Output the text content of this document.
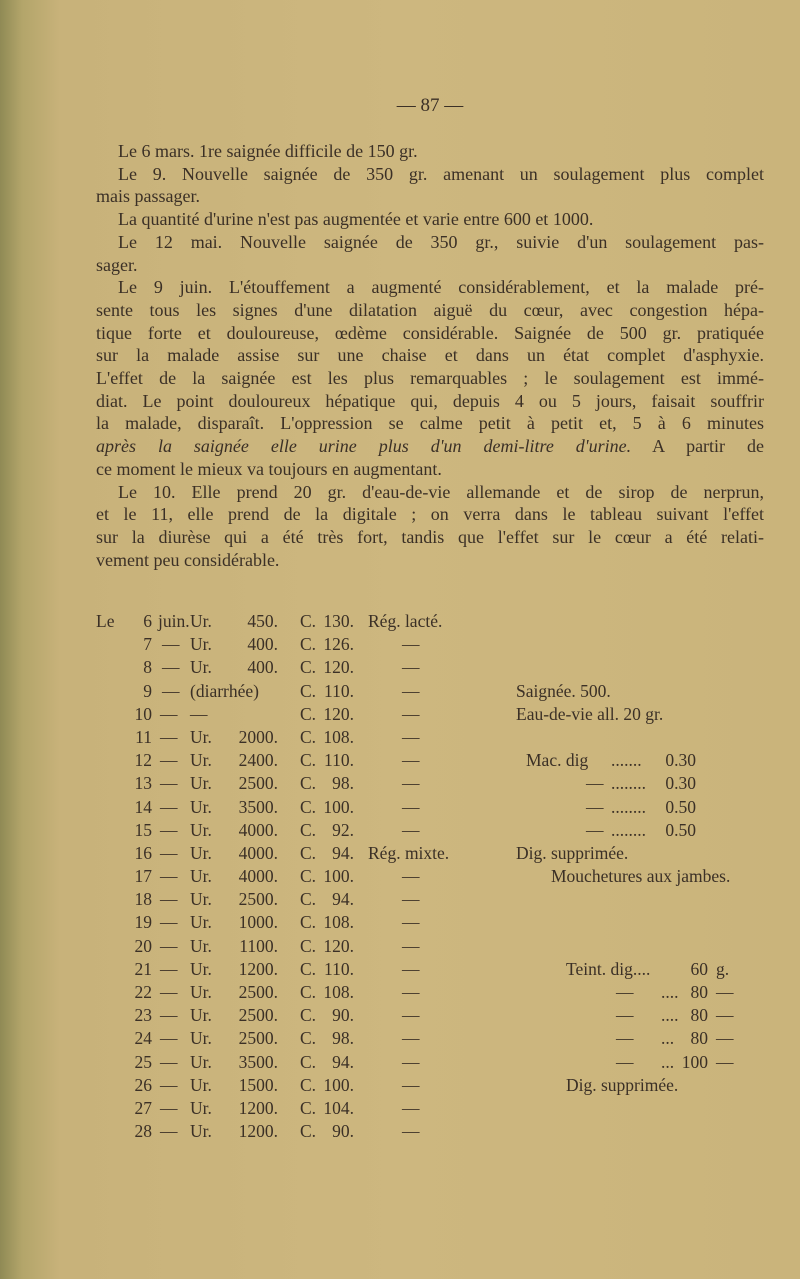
— 87 —
Le 6 mars. 1re saignée difficile de 150 gr.
Le 9. Nouvelle saignée de 350 gr. amenant un soulagement plus complet
mais passager.
La quantité d'urine n'est pas augmentée et varie entre 600 et 1000.
Le 12 mai. Nouvelle saignée de 350 gr., suivie d'un soulagement pas-
sager.
Le 9 juin. L'étouffement a augmenté considérablement, et la malade pré-
sente tous les signes d'une dilatation aiguë du cœur, avec congestion hépa-
tique forte et douloureuse, œdème considérable. Saignée de 500 gr. pratiquée
sur la malade assise sur une chaise et dans un état complet d'asphyxie.
L'effet de la saignée est les plus remarquables ; le soulagement est immé-
diat. Le point douloureux hépatique qui, depuis 4 ou 5 jours, faisait souffrir
la malade, disparaît. L'oppression se calme petit à petit et, 5 à 6 minutes
après la saignée elle urine plus d'un demi-litre d'urine. A partir de
ce moment le mieux va toujours en augmentant.
Le 10. Elle prend 20 gr. d'eau-de-vie allemande et de sirop de nerprun,
et le 11, elle prend de la digitale ; on verra dans le tableau suivant l'effet
sur la diurèse qui a été très fort, tandis que l'effet sur le cœur a été relati-
vement peu considérable.
Le	6 juin. Ur.	450. C. 130. Rég. lacté.
7 — Ur.	400. C. 126.	—
8 — Ur.	400. C. 120.	—
9 — (diarrhée) C. 110.	—	Saignée. 500.
10 — —	C. 120.	—	Eau-de-vie all. 20 gr.
11 — Ur.	2000. C. 108.	—
12 — Ur.	2400. C. 110.	—	Mac. dig .......	0.30
13 — Ur.	2500. C. 98.	—	— ........	0.30
14 — Ur.	3500. C. 100.	—	— ........	0.50
15 — Ur.	4000. C. 92.	—	— ........	0.50
16 — Ur.	4000. C. 94. Rég. mixte.	Dig. supprimée.
17 — Ur.	4000. C. 100.	—	Mouchetures aux jambes.
18 — Ur.	2500. C. 94.	—
19 — Ur.	1000. C. 108.	—
20 — Ur.	1100. C. 120.	—
21 — Ur.	1200. C. 110.	—	Teint. dig....	60 g.
22 — Ur.	2500. C. 108.	—	— .... 80 —
23 — Ur.	2500. C. 90.	—	— .... 80 —
24 — Ur.	2500. C. 98.	—	— ... 80 —
25 — Ur.	3500. C. 94.	—	— ... 100 —
26 — Ur.	1500. C. 100.	—	Dig. supprimée.
27 — Ur.	1200. C. 104.	—
28 — Ur.	1200. C. 90.	—
